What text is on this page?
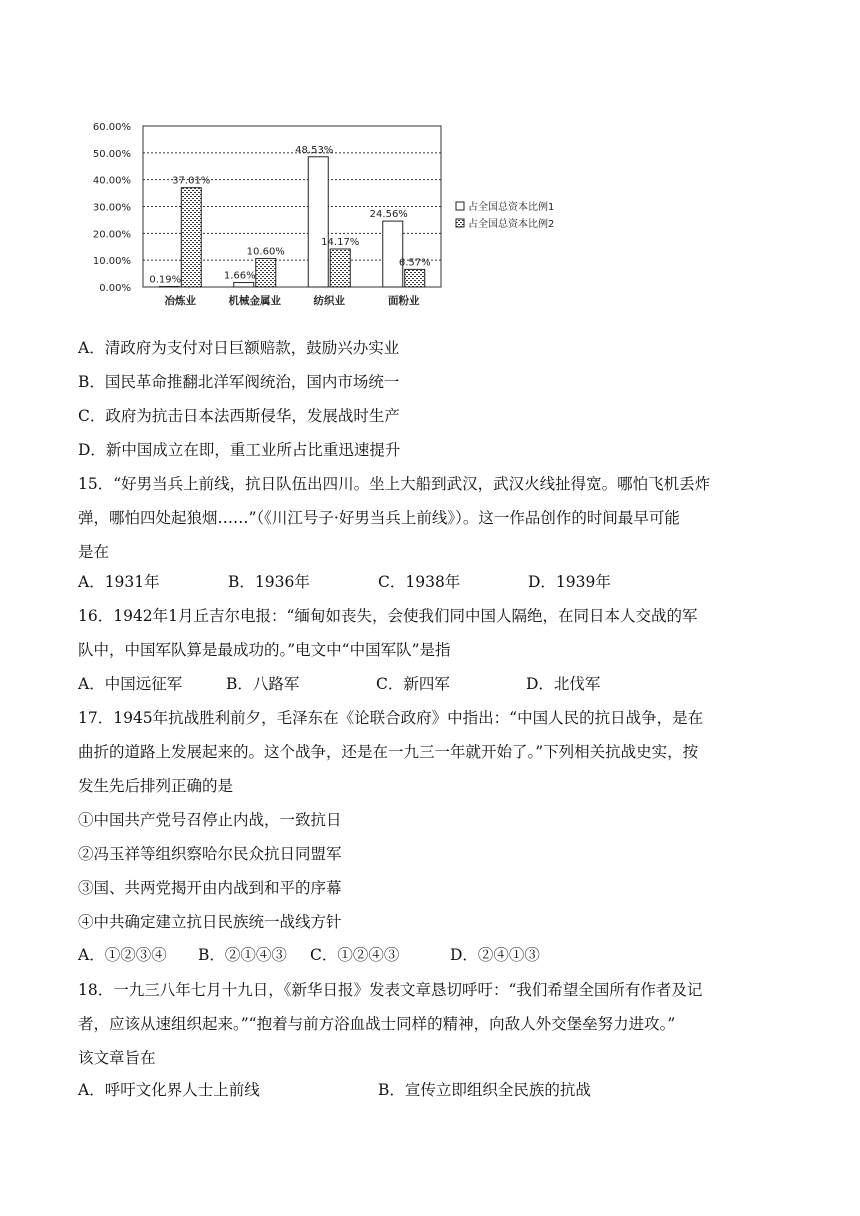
0.00%
10.00%
20.00%
30.00%
40.00%
50.00%
60.00%
0.19%
37.01%
冶炼业
1.66%
10.60%
机械金属业
48.53%
14.17%
纺织业
24.56%
6.57%
面粉业
占全国总资本比例1
占全国总资本比例2
A．清政府为支付对日巨额赔款，鼓励兴办实业
B．国民革命推翻北洋军阀统治，国内市场统一
C．政府为抗击日本法西斯侵华，发展战时生产
D．新中国成立在即，重工业所占比重迅速提升
15．“好男当兵上前线，抗日队伍出四川。坐上大船到武汉，武汉火线扯得宽。哪怕飞机丢炸
弹，哪怕四处起狼烟……”（《川江号子·好男当兵上前线》）。这一作品创作的时间最早可能
是在
16．1942年1月丘吉尔电报：“缅甸如丧失，会使我们同中国人隔绝，在同日本人交战的军
队中，中国军队算是最成功的。”电文中“中国军队”是指
17．1945年抗战胜利前夕，毛泽东在《论联合政府》中指出：“中国人民的抗日战争，是在
曲折的道路上发展起来的。这个战争，还是在一九三一年就开始了。”下列相关抗战史实，按
发生先后排列正确的是
①中国共产党号召停止内战，一致抗日
②冯玉祥等组织察哈尔民众抗日同盟军
③国、共两党揭开由内战到和平的序幕
④中共确定建立抗日民族统一战线方针
18．一九三八年七月十九日，《新华日报》发表文章恳切呼吁：“我们希望全国所有作者及记
者，应该从速组织起来。”“抱着与前方浴血战士同样的精神，向敌人外交堡垒努力进攻。”
该文章旨在
A．1931年	B．1936年	C．1938年	D．1939年
A．中国远征军	B．八路军	C．新四军	D．北伐军
A．①②③④ B．②①④③ C．①②④③	D．②④①③
A．呼吁文化界人士上前线	B．宣传立即组织全民族的抗战
